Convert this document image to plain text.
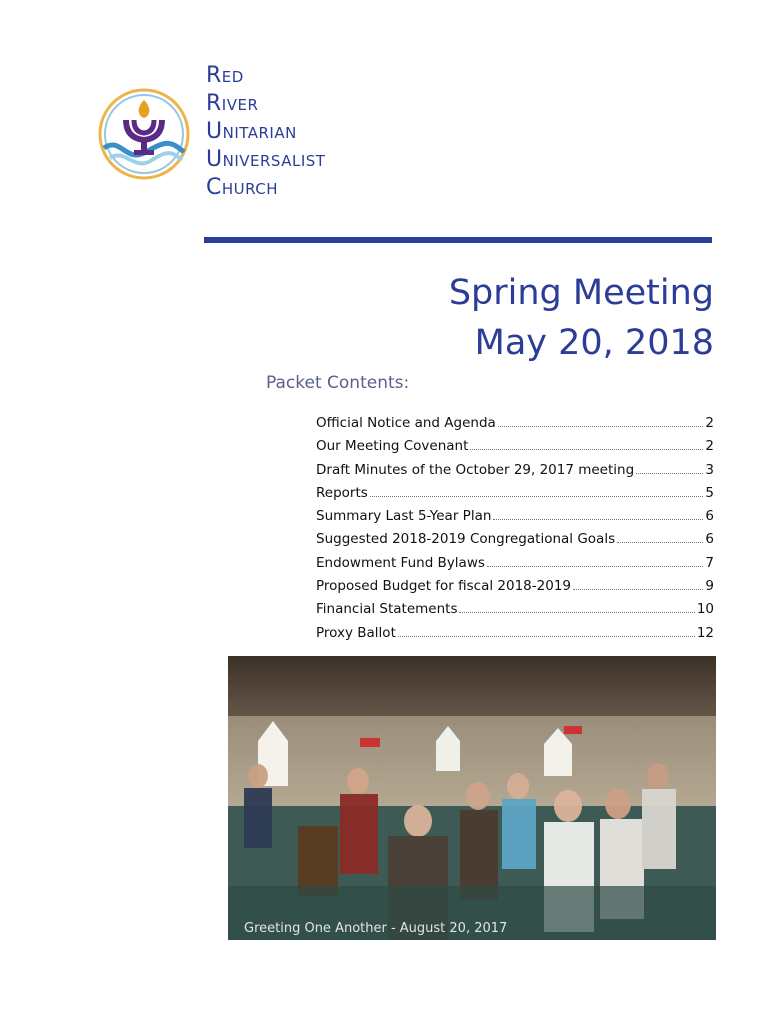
Red
River
Unitarian
Universalist
Church
Spring Meeting
May 20, 2018
Packet Contents:
Official Notice and Agenda	2
Our Meeting Covenant	2
Draft Minutes of the October 29, 2017 meeting	3
Reports	5
Summary Last 5-Year Plan	6
Suggested 2018-2019 Congregational Goals	6
Endowment Fund Bylaws	7
Proposed Budget for fiscal 2018-2019	9
Financial Statements	10
Proxy Ballot	12
Greeting One Another - August 20, 2017
